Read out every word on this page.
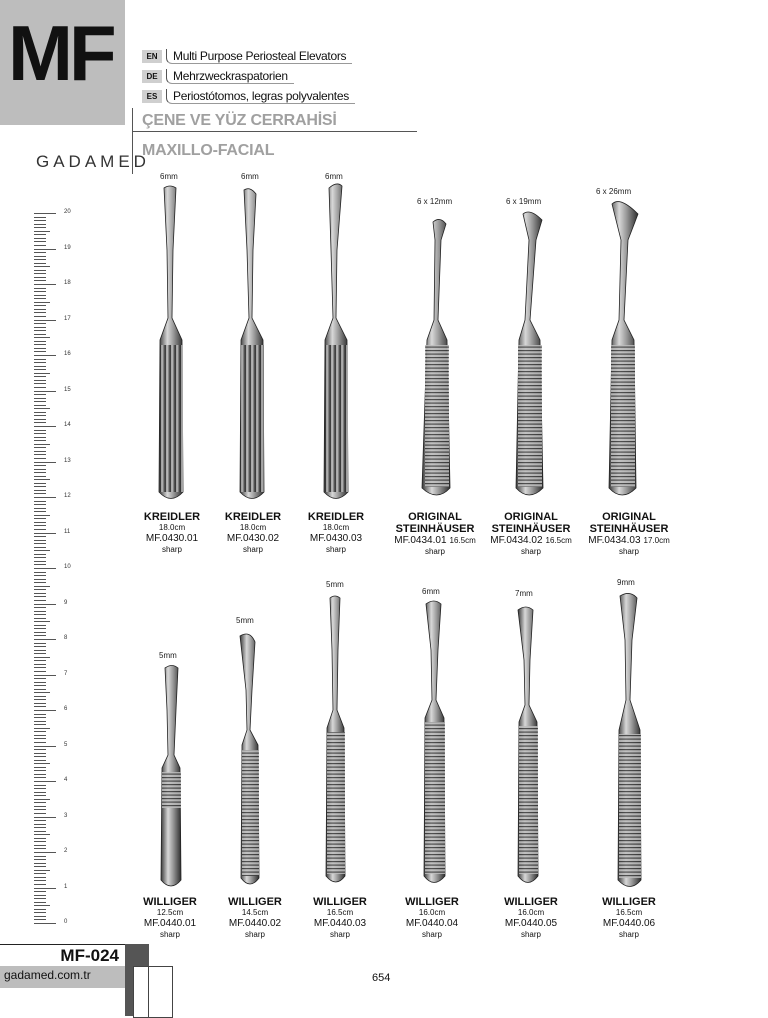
MF	EN	Multi Purpose Periosteal Elevators
DE	Mehrzweckraspatorien
ES	Periostótomos, legras polyvalentes
ÇENE VE YÜZ CERRAHİSİ
MAXILLO-FACIAL
GADAMED
20
19
18
17
16
15
14
13
12
11
10
9
8
7
6
5
4
3
2
1
0
6mm	6mm	6mm
6 x 12mm	6 x 19mm
6 x 26mm
KREIDLER
18.0cm
MF.0430.01
sharp
KREIDLER
18.0cm
MF.0430.02
sharp
KREIDLER
18.0cm
MF.0430.03
sharp
ORIGINAL
STEINHÄUSER
MF.0434.01 16.5cm
sharp
ORIGINAL
STEINHÄUSER
MF.0434.02 16.5cm
sharp
ORIGINAL
STEINHÄUSER
MF.0434.03 17.0cm
sharp
5mm
5mm
5mm
6mm	7mm
9mm
WILLIGER
12.5cm
MF.0440.01
sharp
WILLIGER
14.5cm
MF.0440.02
sharp
WILLIGER
16.5cm
MF.0440.03
sharp
WILLIGER
16.0cm
MF.0440.04
sharp
WILLIGER
16.0cm
MF.0440.05
sharp
WILLIGER
16.5cm
MF.0440.06
sharp
MF-024
gadamed.com.tr	654
